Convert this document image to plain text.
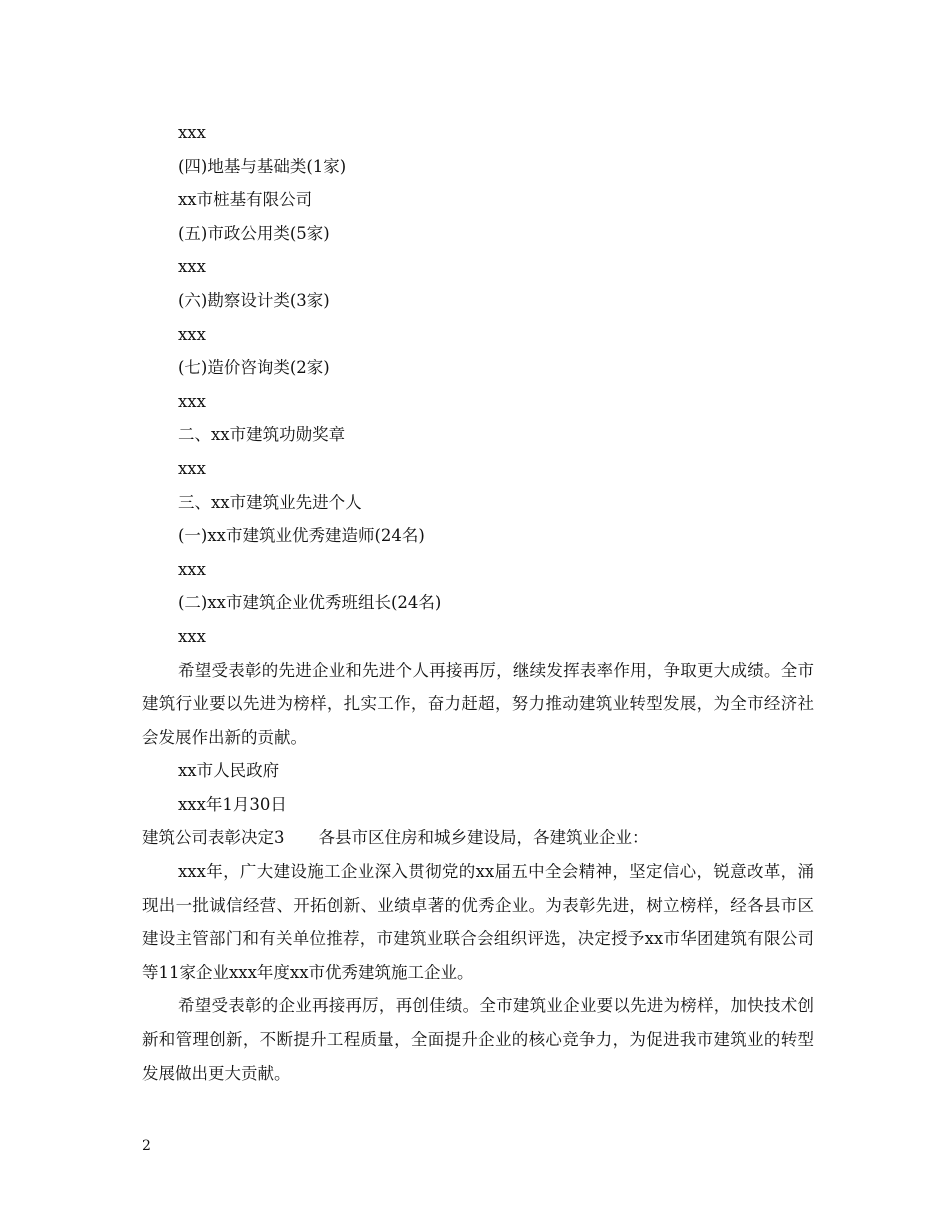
xxx

(四)地基与基础类(1家)

xx市桩基有限公司

(五)市政公用类(5家)

xxx

(六)勘察设计类(3家)

xxx

(七)造价咨询类(2家)

xxx

二、xx市建筑功勋奖章

xxx

三、xx市建筑业先进个人

(一)xx市建筑业优秀建造师(24名)

xxx

(二)xx市建筑企业优秀班组长(24名)

xxx

希望受表彰的先进企业和先进个人再接再厉，继续发挥表率作用，争取更大成绩。全市建筑行业要以先进为榜样，扎实工作，奋力赶超，努力推动建筑业转型发展，为全市经济社会发展作出新的贡献。

xx市人民政府

xxx年1月30日

建筑公司表彰决定3 各县市区住房和城乡建设局，各建筑业企业：

xxx年，广大建设施工企业深入贯彻党的xx届五中全会精神，坚定信心，锐意改革，涌现出一批诚信经营、开拓创新、业绩卓著的优秀企业。为表彰先进，树立榜样，经各县市区建设主管部门和有关单位推荐，市建筑业联合会组织评选，决定授予xx市华团建筑有限公司等11家企业xxx年度xx市优秀建筑施工企业。

希望受表彰的企业再接再厉，再创佳绩。全市建筑业企业要以先进为榜样，加快技术创新和管理创新，不断提升工程质量，全面提升企业的核心竞争力，为促进我市建筑业的转型发展做出更大贡献。

2
